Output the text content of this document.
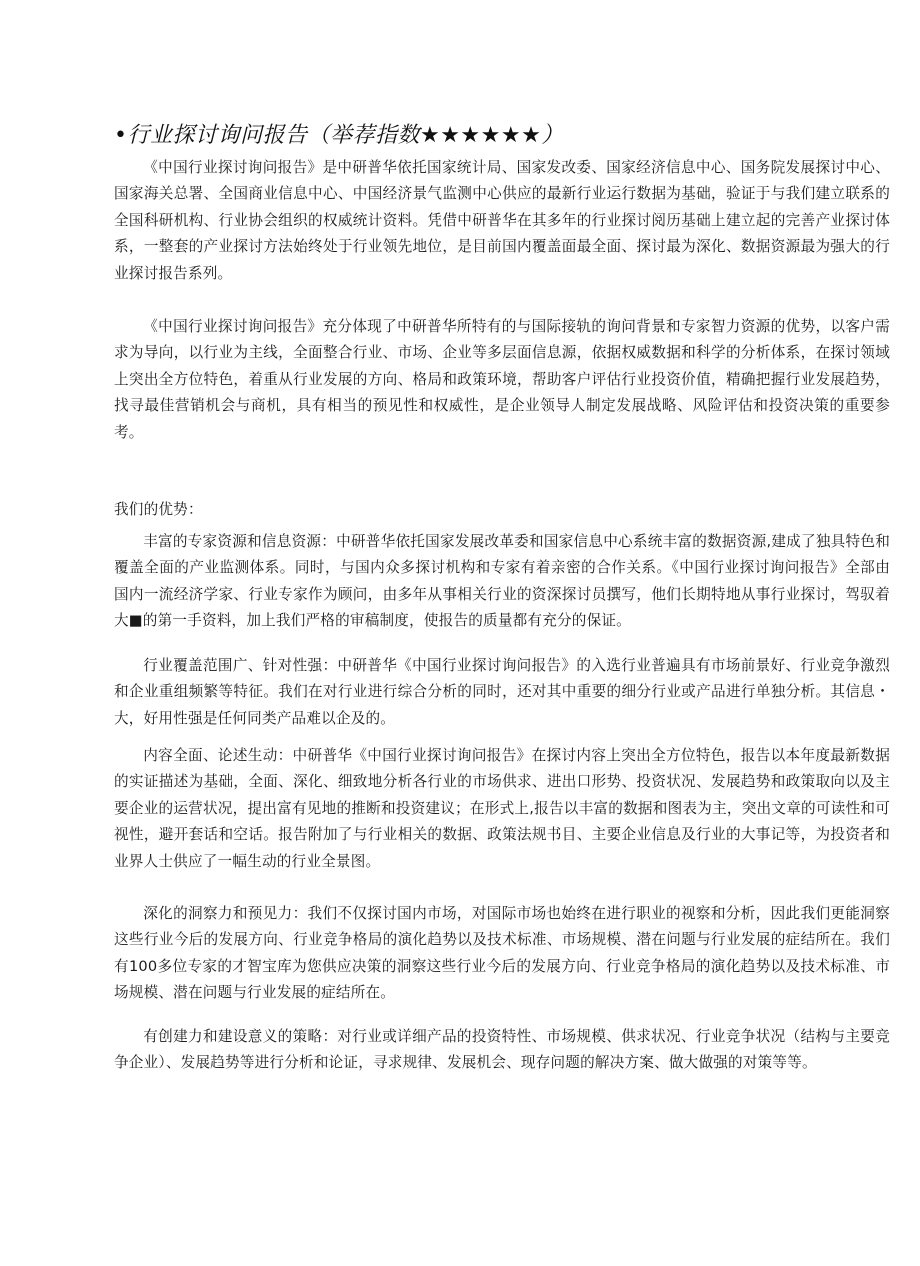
•行业探讨询问报告（举荐指数★★★★★★）

《中国行业探讨询问报告》是中研普华依托国家统计局、国家发改委、国家经济信息中心、国务院发展探讨中心、国家海关总署、全国商业信息中心、中国经济景气监测中心供应的最新行业运行数据为基础，验证于与我们建立联系的全国科研机构、行业协会组织的权威统计资料。凭借中研普华在其多年的行业探讨阅历基础上建立起的完善产业探讨体系，一整套的产业探讨方法始终处于行业领先地位，是目前国内覆盖面最全面、探讨最为深化、数据资源最为强大的行业探讨报告系列。

《中国行业探讨询问报告》充分体现了中研普华所特有的与国际接轨的询问背景和专家智力资源的优势，以客户需求为导向，以行业为主线，全面整合行业、市场、企业等多层面信息源，依据权威数据和科学的分析体系，在探讨领域上突出全方位特色，着重从行业发展的方向、格局和政策环境，帮助客户评估行业投资价值，精确把握行业发展趋势，找寻最佳营销机会与商机，具有相当的预见性和权威性，是企业领导人制定发展战略、风险评估和投资决策的重要参考。

我们的优势：

丰富的专家资源和信息资源：中研普华依托国家发展改革委和国家信息中心系统丰富的数据资源,建成了独具特色和覆盖全面的产业监测体系。同时，与国内众多探讨机构和专家有着亲密的合作关系。《中国行业探讨询问报告》全部由国内一流经济学家、行业专家作为顾问，由多年从事相关行业的资深探讨员撰写，他们长期特地从事行业探讨，驾驭着大■的第一手资料，加上我们严格的审稿制度，使报告的质量都有充分的保证。

行业覆盖范围广、针对性强：中研普华《中国行业探讨询问报告》的入选行业普遍具有市场前景好、行业竞争激烈和企业重组频繁等特征。我们在对行业进行综合分析的同时，还对其中重要的细分行业或产品进行单独分析。其信息・大，好用性强是任何同类产品难以企及的。

内容全面、论述生动：中研普华《中国行业探讨询问报告》在探讨内容上突出全方位特色，报告以本年度最新数据的实证描述为基础，全面、深化、细致地分析各行业的市场供求、进出口形势、投资状况、发展趋势和政策取向以及主要企业的运营状况，提出富有见地的推断和投资建议；在形式上,报告以丰富的数据和图表为主，突出文章的可读性和可视性，避开套话和空话。报告附加了与行业相关的数据、政策法规书目、主要企业信息及行业的大事记等，为投资者和业界人士供应了一幅生动的行业全景图。

深化的洞察力和预见力：我们不仅探讨国内市场，对国际市场也始终在进行职业的视察和分析，因此我们更能洞察这些行业今后的发展方向、行业竞争格局的演化趋势以及技术标准、市场规模、潜在问题与行业发展的症结所在。我们有100多位专家的才智宝库为您供应决策的洞察这些行业今后的发展方向、行业竞争格局的演化趋势以及技术标准、市场规模、潜在问题与行业发展的症结所在。

有创建力和建设意义的策略：对行业或详细产品的投资特性、市场规模、供求状况、行业竞争状况（结构与主要竞争企业）、发展趋势等进行分析和论证，寻求规律、发展机会、现存问题的解决方案、做大做强的对策等等。
